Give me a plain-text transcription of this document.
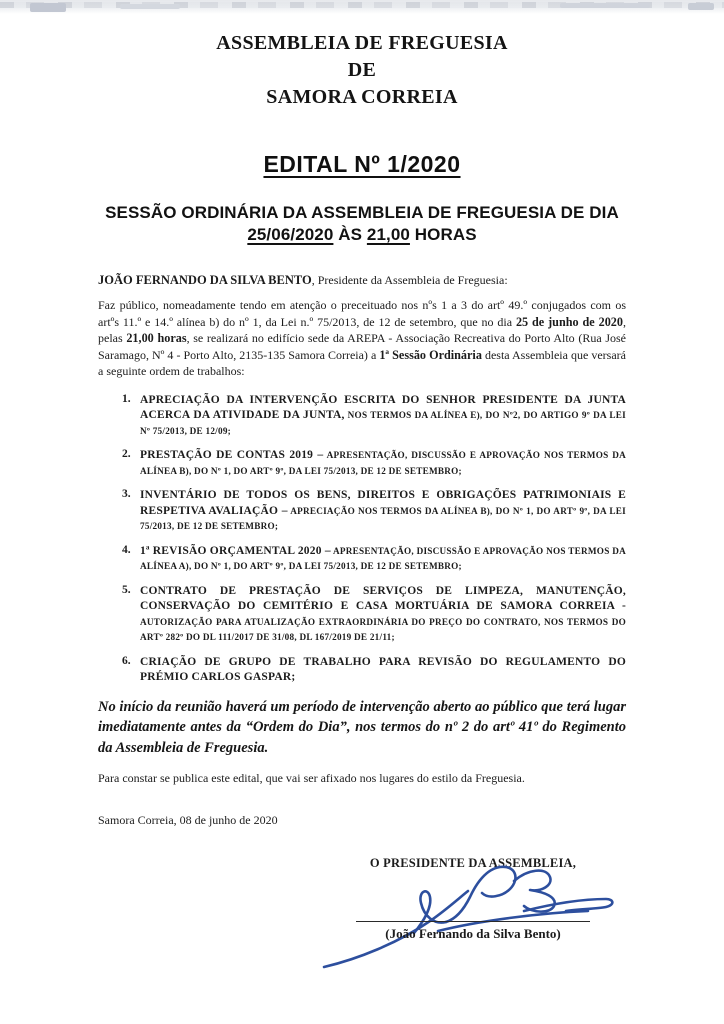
ASSEMBLEIA DE FREGUESIA
DE
SAMORA CORREIA
EDITAL Nº 1/2020
SESSÃO ORDINÁRIA DA ASSEMBLEIA DE FREGUESIA DE DIA
25/06/2020 ÀS 21,00 HORAS

JOÃO FERNANDO DA SILVA BENTO, Presidente da Assembleia de Freguesia:

Faz público, nomeadamente tendo em atenção o preceituado nos nºs 1 a 3 do artº 49.º conjugados com os artºs 11.º e 14.º alínea b) do nº 1, da Lei n.º 75/2013, de 12 de setembro, que no dia 25 de junho de 2020, pelas 21,00 horas, se realizará no edifício sede da AREPA - Associação Recreativa do Porto Alto (Rua José Saramago, Nº 4 - Porto Alto, 2135-135 Samora Correia) a 1ª Sessão Ordinária desta Assembleia que versará a seguinte ordem de trabalhos:

1. APRECIAÇÃO DA INTERVENÇÃO ESCRITA DO SENHOR PRESIDENTE DA JUNTA ACERCA DA ATIVIDADE DA JUNTA, NOS TERMOS DA ALÍNEA E), DO Nº2, DO ARTIGO 9º DA LEI Nº 75/2013, DE 12/09;
2. PRESTAÇÃO DE CONTAS 2019 – APRESENTAÇÃO, DISCUSSÃO E APROVAÇÃO NOS TERMOS DA ALÍNEA B), DO Nº 1, DO ARTº 9º, DA LEI 75/2013, DE 12 DE SETEMBRO;
3. INVENTÁRIO DE TODOS OS BENS, DIREITOS E OBRIGAÇÕES PATRIMONIAIS E RESPETIVA AVALIAÇÃO – APRECIAÇÃO NOS TERMOS DA ALÍNEA B), DO Nº 1, DO ARTº 9º, DA LEI 75/2013, DE 12 DE SETEMBRO;
4. 1ª REVISÃO ORÇAMENTAL 2020 – APRESENTAÇÃO, DISCUSSÃO E APROVAÇÃO NOS TERMOS DA ALÍNEA A), DO Nº 1, DO ARTº 9º, DA LEI 75/2013, DE 12 DE SETEMBRO;
5. CONTRATO DE PRESTAÇÃO DE SERVIÇOS DE LIMPEZA, MANUTENÇÃO, CONSERVAÇÃO DO CEMITÉRIO E CASA MORTUÁRIA DE SAMORA CORREIA - AUTORIZAÇÃO PARA ATUALIZAÇÃO EXTRAORDINÁRIA DO PREÇO DO CONTRATO, NOS TERMOS DO ARTº 282º DO DL 111/2017 DE 31/08, DL 167/2019 DE 21/11;
6. CRIAÇÃO DE GRUPO DE TRABALHO PARA REVISÃO DO REGULAMENTO DO PRÉMIO CARLOS GASPAR;

No início da reunião haverá um período de intervenção aberto ao público que terá lugar imediatamente antes da “Ordem do Dia”, nos termos do nº 2 do artº 41º do Regimento da Assembleia de Freguesia.

Para constar se publica este edital, que vai ser afixado nos lugares do estilo da Freguesia.

Samora Correia, 08 de junho de 2020

O PRESIDENTE DA ASSEMBLEIA,

(João Fernando da Silva Bento)
